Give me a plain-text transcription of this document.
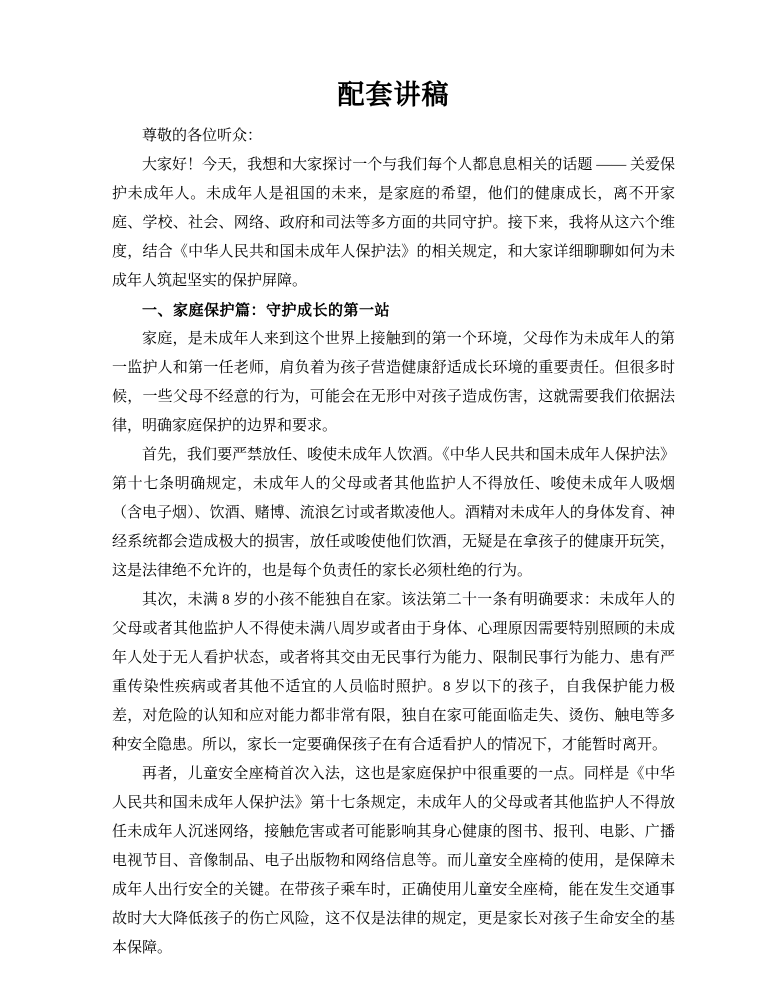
配套讲稿

尊敬的各位听众：

大家好！今天，我想和大家探讨一个与我们每个人都息息相关的话题 —— 关爱保护未成年人。未成年人是祖国的未来，是家庭的希望，他们的健康成长，离不开家庭、学校、社会、网络、政府和司法等多方面的共同守护。接下来，我将从这六个维度，结合《中华人民共和国未成年人保护法》的相关规定，和大家详细聊聊如何为未成年人筑起坚实的保护屏障。

一、家庭保护篇：守护成长的第一站

家庭，是未成年人来到这个世界上接触到的第一个环境，父母作为未成年人的第一监护人和第一任老师，肩负着为孩子营造健康舒适成长环境的重要责任。但很多时候，一些父母不经意的行为，可能会在无形中对孩子造成伤害，这就需要我们依据法律，明确家庭保护的边界和要求。

首先，我们要严禁放任、唆使未成年人饮酒。《中华人民共和国未成年人保护法》第十七条明确规定，未成年人的父母或者其他监护人不得放任、唆使未成年人吸烟（含电子烟）、饮酒、赌博、流浪乞讨或者欺凌他人。酒精对未成年人的身体发育、神经系统都会造成极大的损害，放任或唆使他们饮酒，无疑是在拿孩子的健康开玩笑，这是法律绝不允许的，也是每个负责任的家长必须杜绝的行为。

其次，未满 8 岁的小孩不能独自在家。该法第二十一条有明确要求：未成年人的父母或者其他监护人不得使未满八周岁或者由于身体、心理原因需要特别照顾的未成年人处于无人看护状态，或者将其交由无民事行为能力、限制民事行为能力、患有严重传染性疾病或者其他不适宜的人员临时照护。8 岁以下的孩子，自我保护能力极差，对危险的认知和应对能力都非常有限，独自在家可能面临走失、烫伤、触电等多种安全隐患。所以，家长一定要确保孩子在有合适看护人的情况下，才能暂时离开。

再者，儿童安全座椅首次入法，这也是家庭保护中很重要的一点。同样是《中华人民共和国未成年人保护法》第十七条规定，未成年人的父母或者其他监护人不得放任未成年人沉迷网络，接触危害或者可能影响其身心健康的图书、报刊、电影、广播电视节目、音像制品、电子出版物和网络信息等。而儿童安全座椅的使用，是保障未成年人出行安全的关键。在带孩子乘车时，正确使用儿童安全座椅，能在发生交通事故时大大降低孩子的伤亡风险，这不仅是法律的规定，更是家长对孩子生命安全的基本保障。
